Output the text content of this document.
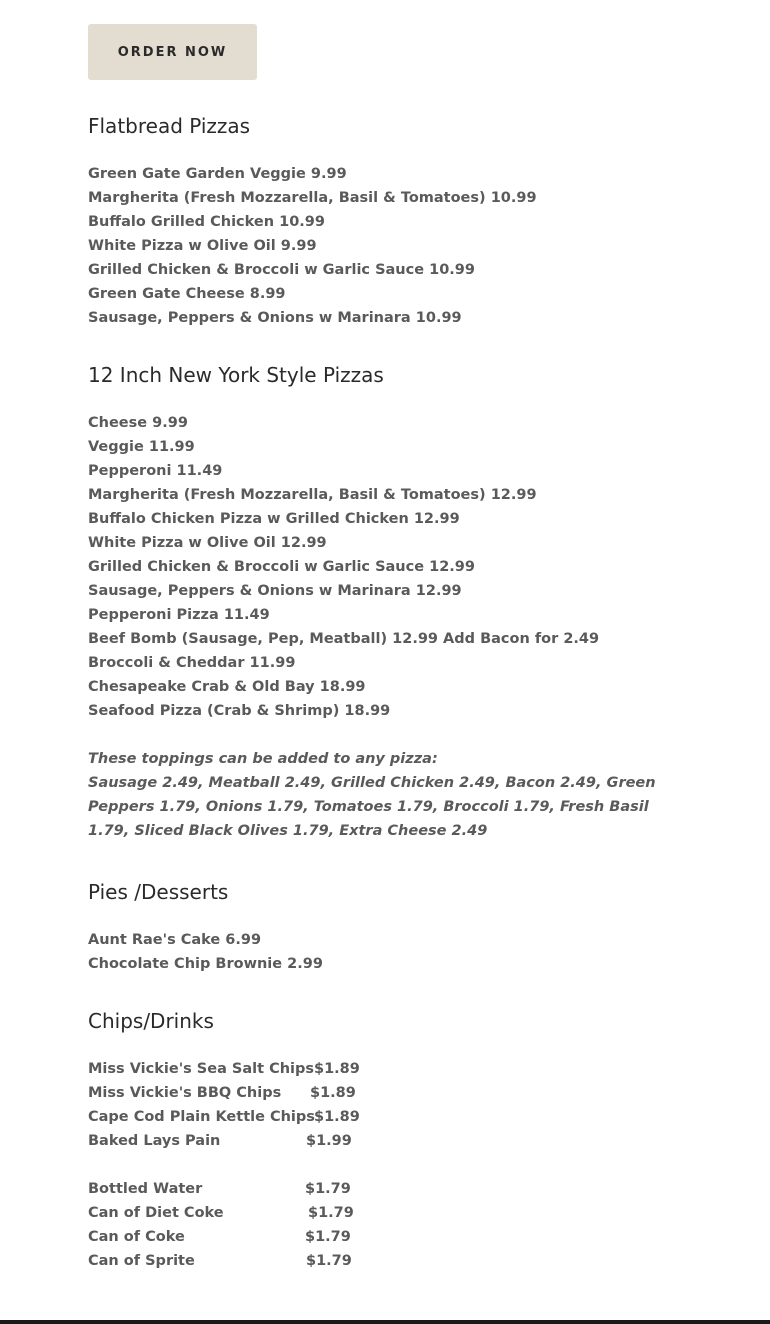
ORDER NOW
Flatbread Pizzas
Green Gate Garden Veggie 9.99
Margherita (Fresh Mozzarella, Basil & Tomatoes) 10.99
Buffalo Grilled Chicken 10.99
White Pizza w Olive Oil 9.99
Grilled Chicken & Broccoli w Garlic Sauce 10.99
Green Gate Cheese 8.99
Sausage, Peppers & Onions w Marinara 10.99
12 Inch New York Style Pizzas
Cheese 9.99
Veggie 11.99
Pepperoni 11.49
Margherita (Fresh Mozzarella, Basil & Tomatoes) 12.99
Buffalo Chicken Pizza w Grilled Chicken 12.99
White Pizza w Olive Oil 12.99
Grilled Chicken & Broccoli w Garlic Sauce 12.99
Sausage, Peppers & Onions w Marinara 12.99
Pepperoni Pizza 11.49
Beef Bomb (Sausage, Pep, Meatball) 12.99 Add Bacon for 2.49
Broccoli & Cheddar 11.99
Chesapeake Crab & Old Bay 18.99
Seafood Pizza (Crab & Shrimp) 18.99

These toppings can be added to any pizza:

Sausage 2.49, Meatball 2.49, Grilled Chicken 2.49, Bacon 2.49, Green Peppers 1.79, Onions 1.79, Tomatoes 1.79, Broccoli 1.79, Fresh Basil 1.79, Sliced Black Olives 1.79, Extra Cheese 2.49

Pies /Desserts
Aunt Rae's Cake 6.99
Chocolate Chip Brownie 2.99
Chips/Drinks
Miss Vickie's Sea Salt Chips $1.89
Miss Vickie's BBQ Chips	$1.89
Cape Cod Plain Kettle Chips $1.89
Baked Lays Pain	$1.99
Bottled Water	$1.79
Can of Diet Coke	$1.79
Can of Coke	$1.79
Can of Sprite	$1.79
